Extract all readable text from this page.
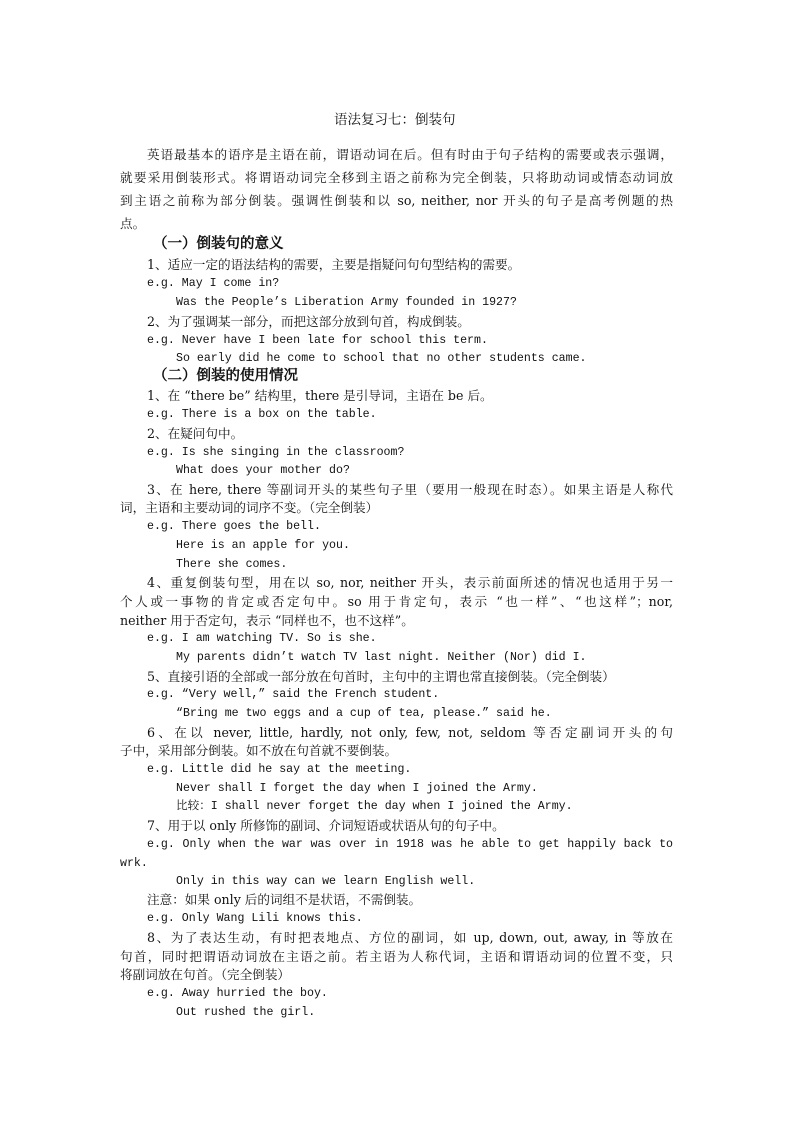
语法复习七：倒装句
英语最基本的语序是主语在前，谓语动词在后。但有时由于句子结构的需要或表示强调，
就要采用倒装形式。将谓语动词完全移到主语之前称为完全倒装，只将助动词或情态动词放
到主语之前称为部分倒装。强调性倒装和以 so, neither, nor 开头的句子是高考例题的热
点。
（一）倒装句的意义
1、适应一定的语法结构的需要，主要是指疑问句句型结构的需要。
e.g. May I come in?
Was the People’s Liberation Army founded in 1927?
2、为了强调某一部分，而把这部分放到句首，构成倒装。
e.g. Never have I been late for school this term.
So early did he come to school that no other students came.
（二）倒装的使用情况
1、在 “there be” 结构里，there 是引导词，主语在 be 后。
e.g. There is a box on the table.
2、在疑问句中。
e.g. Is she singing in the classroom?
What does your mother do?
3、在 here, there 等副词开头的某些句子里（要用一般现在时态）。如果主语是人称代
词，主语和主要动词的词序不变。（完全倒装）
e.g. There goes the bell.
Here is an apple for you.
There she comes.
4、重复倒装句型，用在以 so, nor, neither 开头，表示前面所述的情况也适用于另一
个人或一事物的肯定或否定句中。so 用于肯定句，表示 “也一样”、“也这样”；nor,
neither 用于否定句，表示 “同样也不，也不这样”。
e.g. I am watching TV. So is she.
My parents didn’t watch TV last night. Neither (Nor) did I.
5、直接引语的全部或一部分放在句首时，主句中的主谓也常直接倒装。（完全倒装）
e.g. “Very well,” said the French student.
“Bring me two eggs and a cup of tea, please.” said he.
6、在以 never, little, hardly, not only, few, not, seldom 等否定副词开头的句
子中，采用部分倒装。如不放在句首就不要倒装。
e.g. Little did he say at the meeting.
Never shall I forget the day when I joined the Army.
比较：I shall never forget the day when I joined the Army.
7、用于以 only 所修饰的副词、介词短语或状语从句的句子中。
e.g. Only when the war was over in 1918 was he able to get happily back to
wrk.
Only in this way can we learn English well.
注意：如果 only 后的词组不是状语，不需倒装。
e.g. Only Wang Lili knows this.
8、为了表达生动，有时把表地点、方位的副词，如 up, down, out, away, in 等放在
句首，同时把谓语动词放在主语之前。若主语为人称代词，主语和谓语动词的位置不变，只
将副词放在句首。（完全倒装）
e.g. Away hurried the boy.
Out rushed the girl.
